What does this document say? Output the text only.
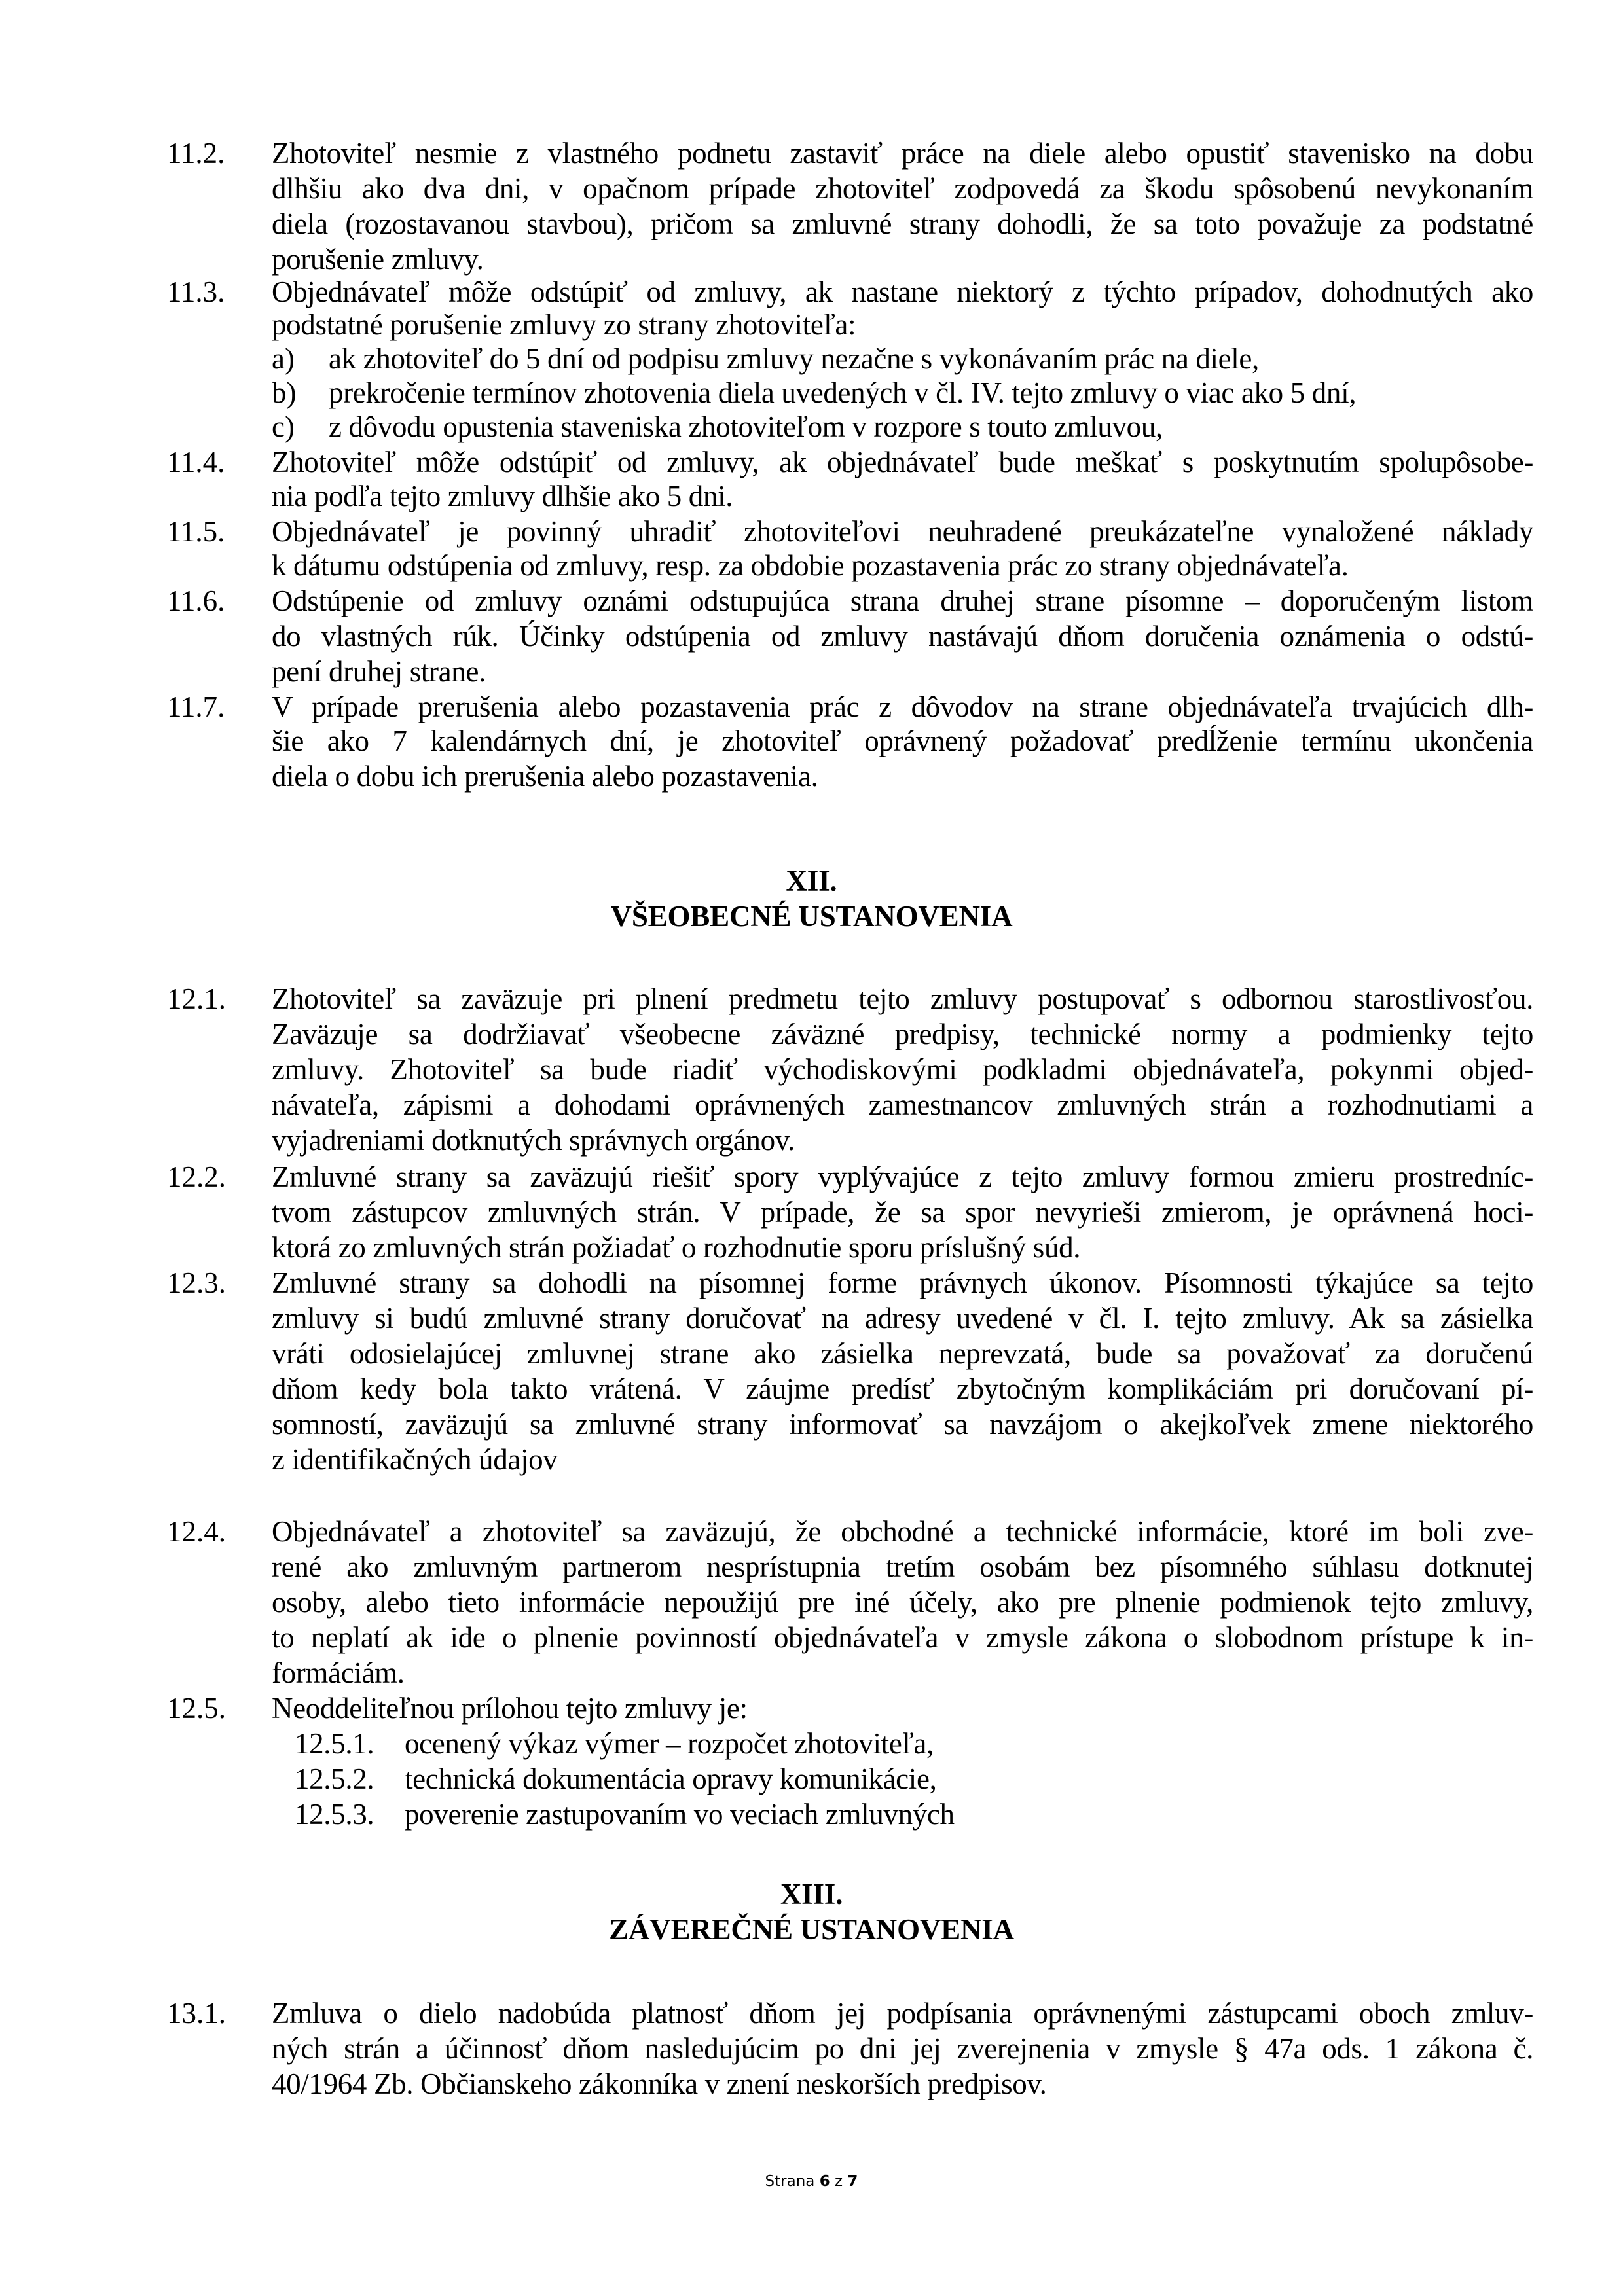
11.2. Zhotoviteľ nesmie z vlastného podnetu zastaviť práce na diele alebo opustiť stavenisko na dobu
dlhšiu ako dva dni, v opačnom prípade zhotoviteľ zodpovedá za škodu spôsobenú nevykonaním
diela (rozostavanou stavbou), pričom sa zmluvné strany dohodli, že sa toto považuje za podstatné
porušenie zmluvy.
11.3. Objednávateľ môže odstúpiť od zmluvy, ak nastane niektorý z týchto prípadov, dohodnutých ako
podstatné porušenie zmluvy zo strany zhotoviteľa:
a) ak zhotoviteľ do 5 dní od podpisu zmluvy nezačne s vykonávaním prác na diele,
b) prekročenie termínov zhotovenia diela uvedených v čl. IV. tejto zmluvy o viac ako 5 dní,
c) z dôvodu opustenia staveniska zhotoviteľom v rozpore s touto zmluvou,
11.4. Zhotoviteľ môže odstúpiť od zmluvy, ak objednávateľ bude meškať s poskytnutím spolupôsobe-
nia podľa tejto zmluvy dlhšie ako 5 dni.
11.5. Objednávateľ je povinný uhradiť zhotoviteľovi neuhradené preukázateľne vynaložené náklady
k dátumu odstúpenia od zmluvy, resp. za obdobie pozastavenia prác zo strany objednávateľa.
11.6. Odstúpenie od zmluvy oznámi odstupujúca strana druhej strane písomne – doporučeným listom
do vlastných rúk. Účinky odstúpenia od zmluvy nastávajú dňom doručenia oznámenia o odstú-
pení druhej strane.
11.7. V prípade prerušenia alebo pozastavenia prác z dôvodov na strane objednávateľa trvajúcich dlh-
šie ako 7 kalendárnych dní, je zhotoviteľ oprávnený požadovať predĺženie termínu ukončenia
diela o dobu ich prerušenia alebo pozastavenia.
XII.
VŠEOBECNÉ USTANOVENIA
12.1. Zhotoviteľ sa zaväzuje pri plnení predmetu tejto zmluvy postupovať s odbornou starostlivosťou.
Zaväzuje sa dodržiavať všeobecne záväzné predpisy, technické normy a podmienky tejto
zmluvy. Zhotoviteľ sa bude riadiť východiskovými podkladmi objednávateľa, pokynmi objed-
návateľa, zápismi a dohodami oprávnených zamestnancov zmluvných strán a rozhodnutiami a
vyjadreniami dotknutých správnych orgánov.
12.2. Zmluvné strany sa zaväzujú riešiť spory vyplývajúce z tejto zmluvy formou zmieru prostredníc-
tvom zástupcov zmluvných strán. V prípade, že sa spor nevyrieši zmierom, je oprávnená hoci-
ktorá zo zmluvných strán požiadať o rozhodnutie sporu príslušný súd.
12.3. Zmluvné strany sa dohodli na písomnej forme právnych úkonov. Písomnosti týkajúce sa tejto
zmluvy si budú zmluvné strany doručovať na adresy uvedené v čl. I. tejto zmluvy. Ak sa zásielka
vráti odosielajúcej zmluvnej strane ako zásielka neprevzatá, bude sa považovať za doručenú
dňom kedy bola takto vrátená. V záujme predísť zbytočným komplikáciám pri doručovaní pí-
somností, zaväzujú sa zmluvné strany informovať sa navzájom o akejkoľvek zmene niektorého
z identifikačných údajov
12.4. Objednávateľ a zhotoviteľ sa zaväzujú, že obchodné a technické informácie, ktoré im boli zve-
rené ako zmluvným partnerom nesprístupnia tretím osobám bez písomného súhlasu dotknutej
osoby, alebo tieto informácie nepoužijú pre iné účely, ako pre plnenie podmienok tejto zmluvy,
to neplatí ak ide o plnenie povinností objednávateľa v zmysle zákona o slobodnom prístupe k in-
formáciám.
12.5. Neoddeliteľnou prílohou tejto zmluvy je:
12.5.1. ocenený výkaz výmer – rozpočet zhotoviteľa,
12.5.2. technická dokumentácia opravy komunikácie,
12.5.3. poverenie zastupovaním vo veciach zmluvných
XIII.
ZÁVEREČNÉ USTANOVENIA
13.1. Zmluva o dielo nadobúda platnosť dňom jej podpísania oprávnenými zástupcami oboch zmluv-
ných strán a účinnosť dňom nasledujúcim po dni jej zverejnenia v zmysle § 47a ods. 1 zákona č.
40/1964 Zb. Občianskeho zákonníka v znení neskorších predpisov.
Strana 6 z 7
